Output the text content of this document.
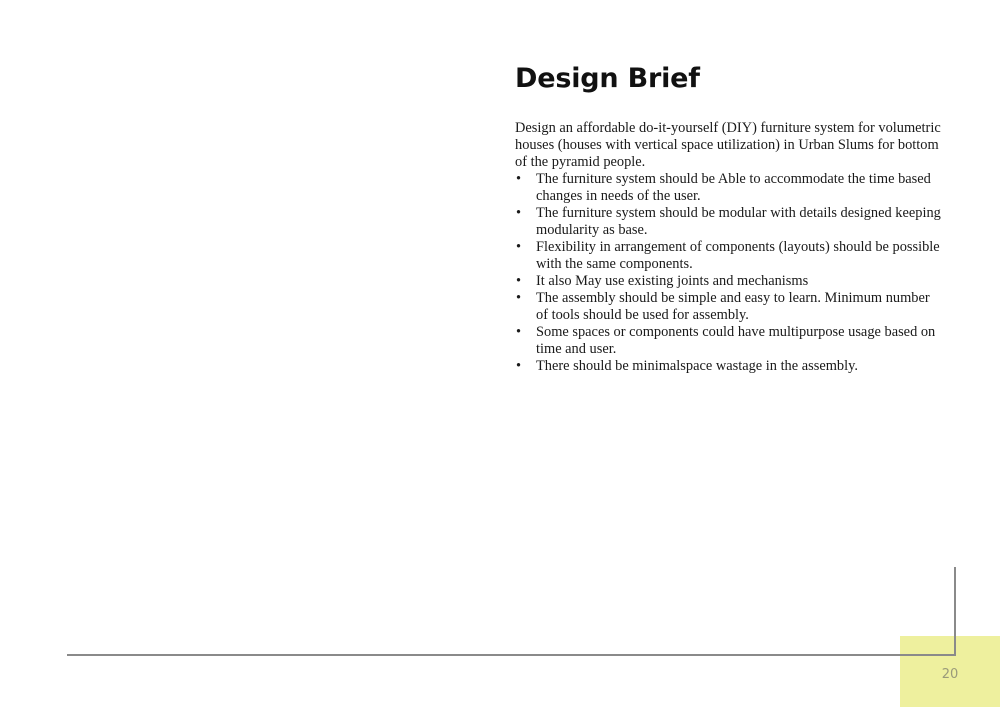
Design Brief

Design an affordable do-it-yourself (DIY) furniture system for volumetric houses (houses with vertical space utilization) in Urban Slums for bottom of the pyramid people.

• The furniture system should be Able to accommodate the time based changes in needs of the user.
• The furniture system should be modular with details designed keeping modularity as base.
• Flexibility in arrangement of components (layouts) should be possible with the same components.
• It also May use existing joints and mechanisms
• The assembly should be simple and easy to learn. Minimum number of tools should be used for assembly.
• Some spaces or components could have multipurpose usage based on time and user.
• There should be minimalspace wastage in the assembly.
20
